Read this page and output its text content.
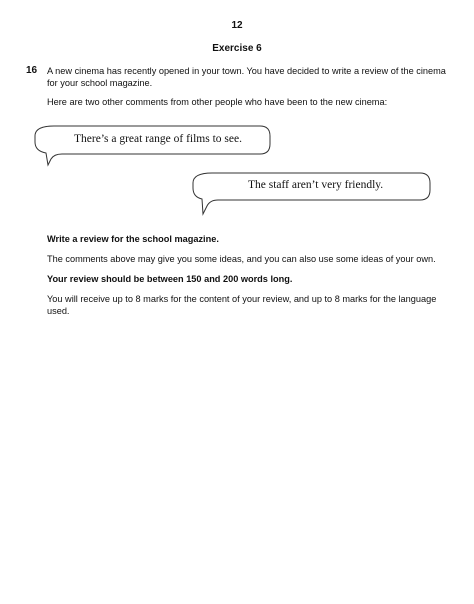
12
Exercise 6
16 A new cinema has recently opened in your town. You have decided to write a review of the cinema for your school magazine.
Here are two other comments from other people who have been to the new cinema:
There’s a great range of films to see.
The staff aren’t very friendly.
Write a review for the school magazine.
The comments above may give you some ideas, and you can also use some ideas of your own.
Your review should be between 150 and 200 words long.
You will receive up to 8 marks for the content of your review, and up to 8 marks for the language used.
